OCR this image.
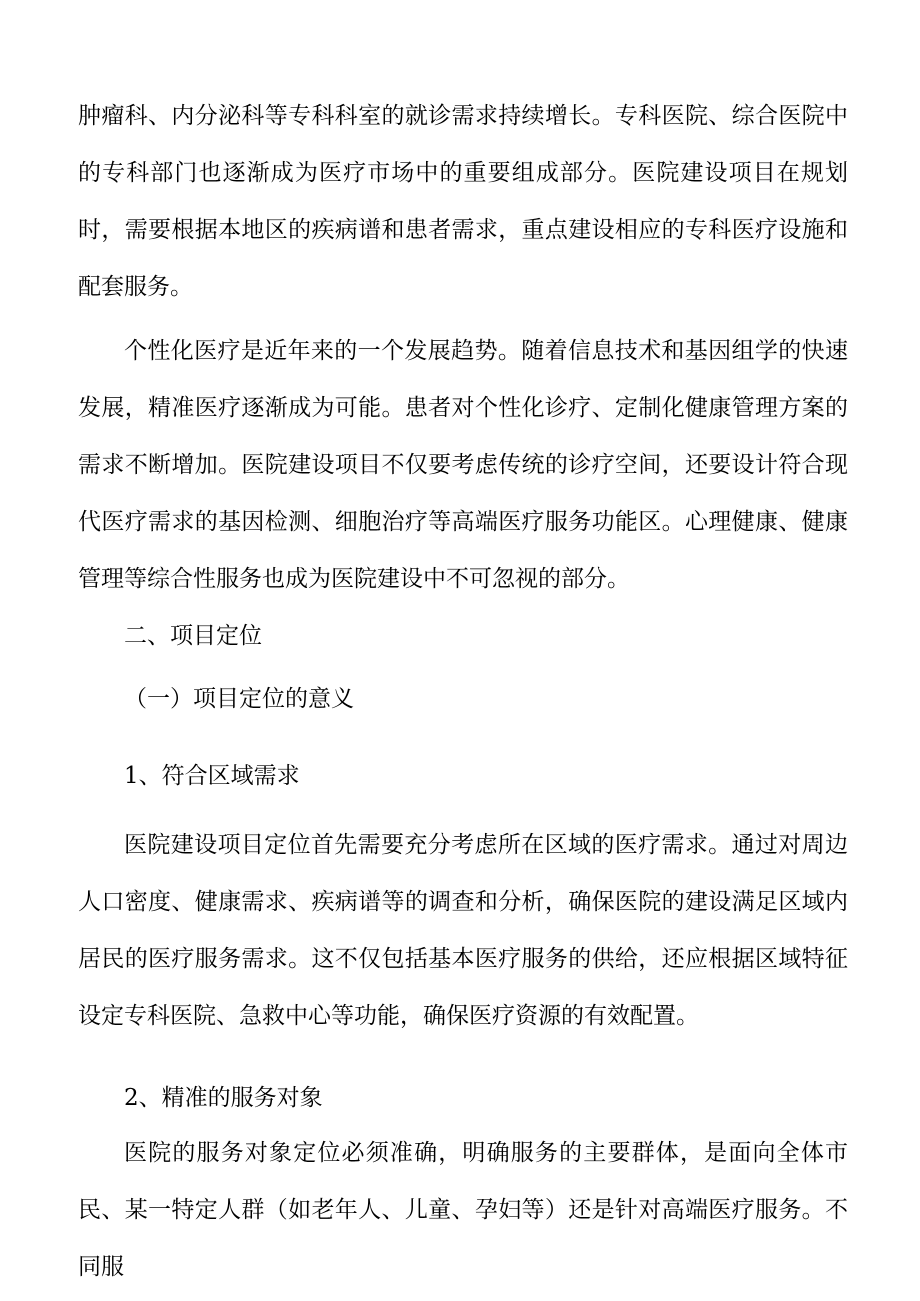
肿瘤科、内分泌科等专科科室的就诊需求持续增长。专科医院、综合医院中的专科部门也逐渐成为医疗市场中的重要组成部分。医院建设项目在规划时，需要根据本地区的疾病谱和患者需求，重点建设相应的专科医疗设施和配套服务。

个性化医疗是近年来的一个发展趋势。随着信息技术和基因组学的快速发展，精准医疗逐渐成为可能。患者对个性化诊疗、定制化健康管理方案的需求不断增加。医院建设项目不仅要考虑传统的诊疗空间，还要设计符合现代医疗需求的基因检测、细胞治疗等高端医疗服务功能区。心理健康、健康管理等综合性服务也成为医院建设中不可忽视的部分。

二、项目定位
（一）项目定位的意义
1、符合区域需求

医院建设项目定位首先需要充分考虑所在区域的医疗需求。通过对周边人口密度、健康需求、疾病谱等的调查和分析，确保医院的建设满足区域内居民的医疗服务需求。这不仅包括基本医疗服务的供给，还应根据区域特征设定专科医院、急救中心等功能，确保医疗资源的有效配置。

2、精准的服务对象

医院的服务对象定位必须准确，明确服务的主要群体，是面向全体市民、某一特定人群（如老年人、儿童、孕妇等）还是针对高端医疗服务。不同服
